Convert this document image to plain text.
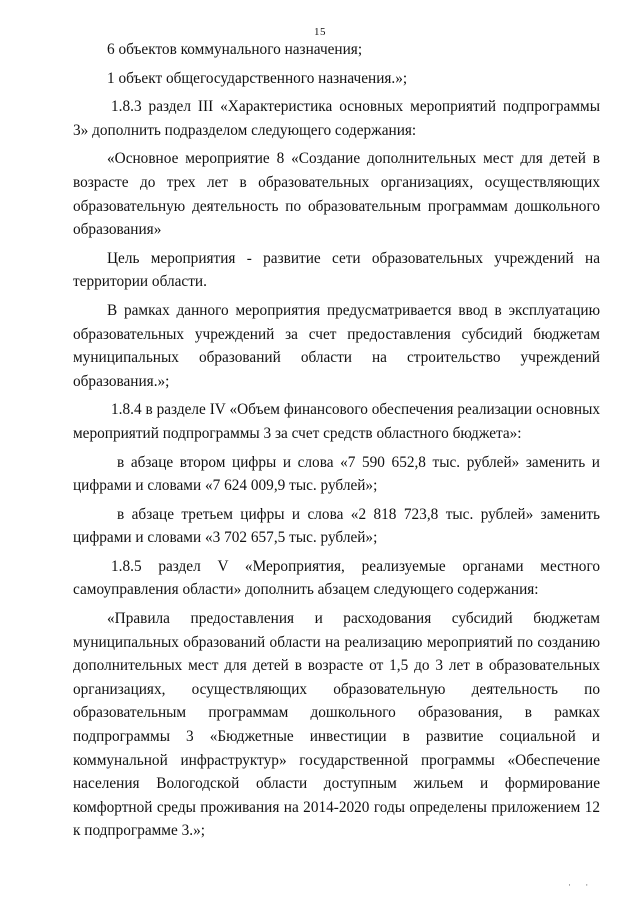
15

6 объектов коммунального назначения;

1 объект общегосударственного назначения.»;

1.8.3 раздел III «Характеристика основных мероприятий подпрограммы 3» дополнить подразделом следующего содержания:

«Основное мероприятие 8 «Создание дополнительных мест для детей в возрасте до трех лет в образовательных организациях, осуществляющих образовательную деятельность по образовательным программам дошкольного образования»

Цель мероприятия - развитие сети образовательных учреждений на территории области.

В рамках данного мероприятия предусматривается ввод в эксплуатацию образовательных учреждений за счет предоставления субсидий бюджетам муниципальных образований области на строительство учреждений образования.»;

1.8.4 в разделе IV «Объем финансового обеспечения реализации основных мероприятий подпрограммы 3 за счет средств областного бюджета»:

в абзаце втором цифры и слова «7 590 652,8 тыс. рублей» заменить и цифрами и словами «7 624 009,9 тыс. рублей»;

в абзаце третьем цифры и слова «2 818 723,8 тыс. рублей» заменить цифрами и словами «3 702 657,5 тыс. рублей»;

1.8.5 раздел V «Мероприятия, реализуемые органами местного самоуправления области» дополнить абзацем следующего содержания:

«Правила предоставления и расходования субсидий бюджетам муниципальных образований области на реализацию мероприятий по созданию дополнительных мест для детей в возрасте от 1,5 до 3 лет в образовательных организациях, осуществляющих образовательную деятельность по образовательным программам дошкольного образования, в рамках подпрограммы 3 «Бюджетные инвестиции в развитие социальной и коммунальной инфраструктур» государственной программы «Обеспечение населения Вологодской области доступным жильем и формирование комфортной среды проживания на 2014-2020 годы определены приложением 12 к подпрограмме 3.»;

· ·
